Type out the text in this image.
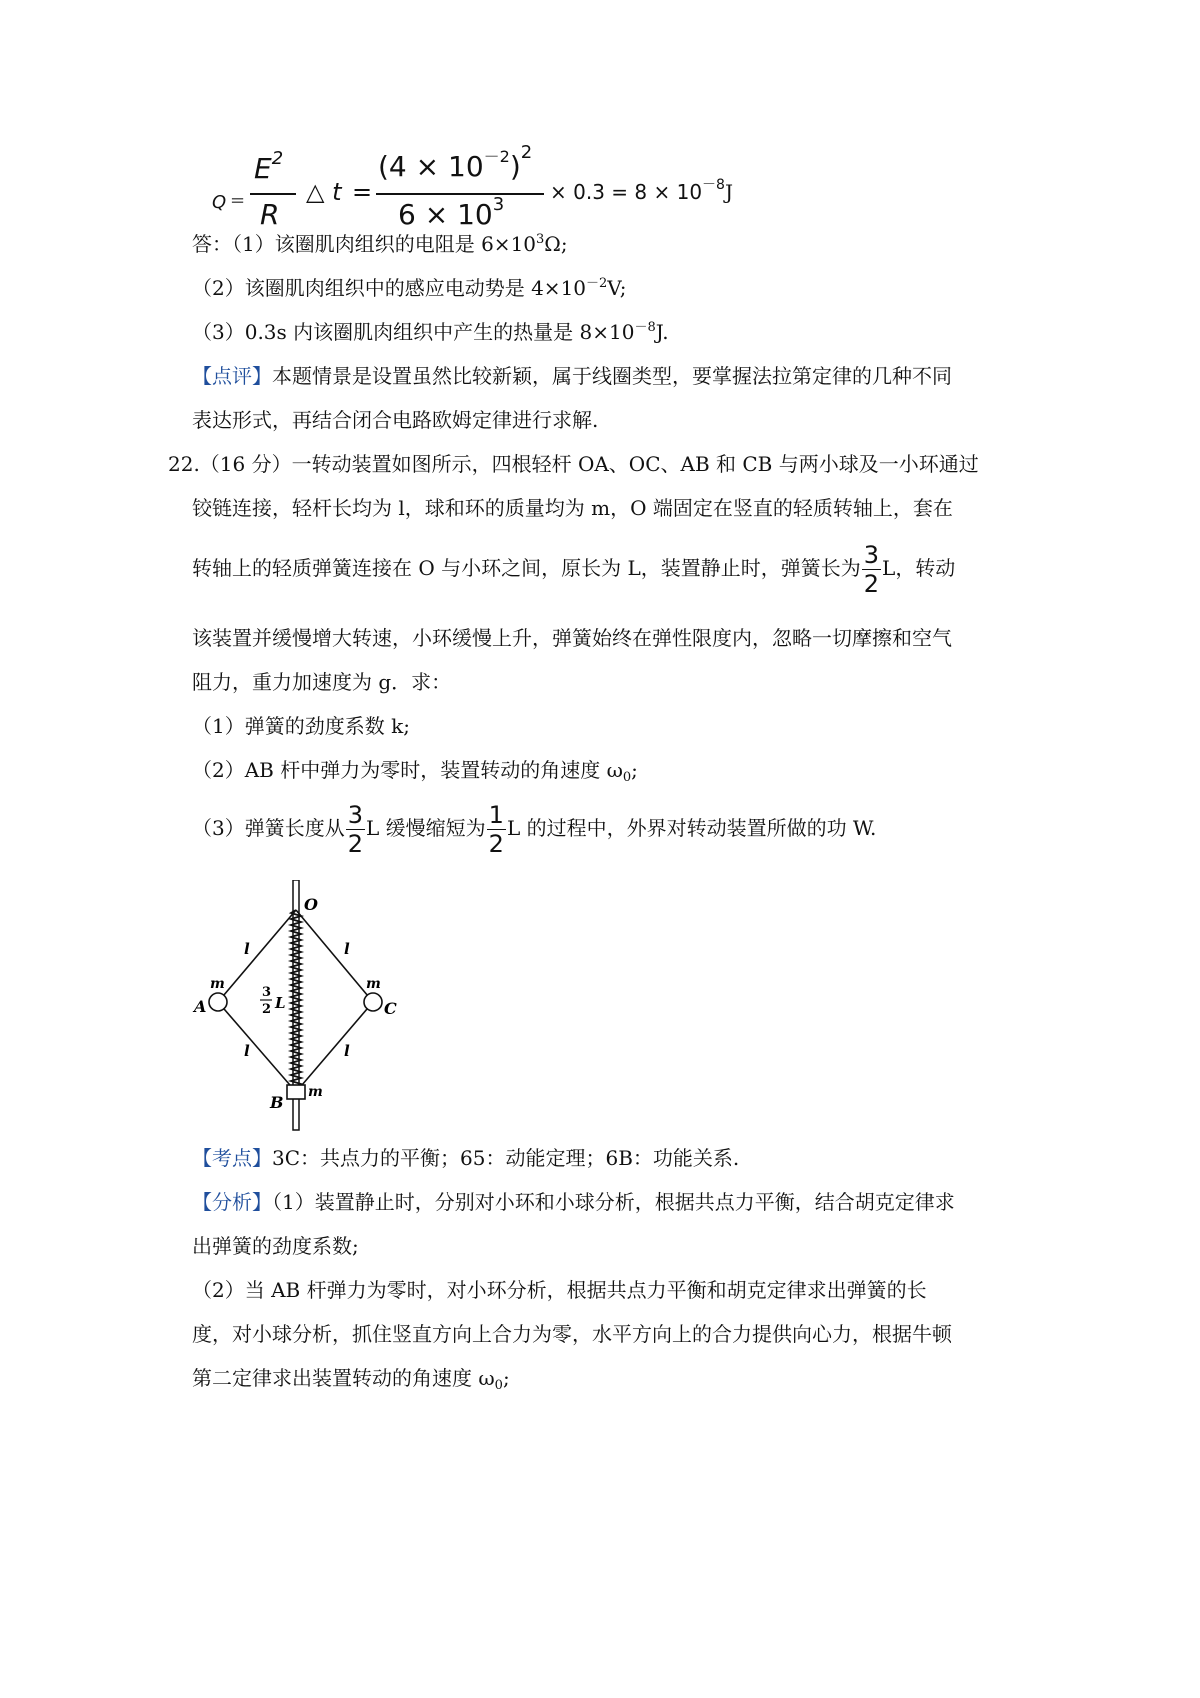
Q =
$E^2$
R
△ t =
$(4 \times 10^{-2})^2$
$6 \times 10^3$
× $0.3 = 8 \times 10^{-8}J$
答：（1）该圈肌肉组织的电阻是 $6\times 10^3\Omega$;
（2）该圈肌肉组织中的感应电动势是 $4\times 10^{-2}V$;
（3）0.3s 内该圈肌肉组织中产生的热量是 $8\times 10^{-8}J$.
【点评】本题情景是设置虽然比较新颖，属于线圈类型，要掌握法拉第定律的几种不同
表达形式，再结合闭合电路欧姆定律进行求解.
22.（16 分）一转动装置如图所示，四根轻杆 OA、OC、AB 和 CB 与两小球及一小环通过
铰链连接，轻杆长均为 l，球和环的质量均为 m，O 端固定在竖直的轻质转轴上，套在
转轴上的轻质弹簧连接在 O 与小环之间，原长为 L，装置静止时，弹簧长为 $\frac{3}{2}$ L，转动
该装置并缓慢增大转速，小环缓慢上升，弹簧始终在弹性限度内，忽略一切摩擦和空气
阻力，重力加速度为 g．求：
（1）弹簧的劲度系数 k;
（2）AB 杆中弹力为零时，装置转动的角速度 $\omega_0$;
（3）弹簧长度从 $\frac{3}{2}$ L 缓慢缩短为 $\frac{1}{2}$ L 的过程中，外界对转动装置所做的功 W.
O
l	l
m	m
A	C
3
2 L
l	l
B
m
【考点】3C：共点力的平衡；65：动能定理；6B：功能关系.
【分析】（1）装置静止时，分别对小环和小球分析，根据共点力平衡，结合胡克定律求
出弹簧的劲度系数;
（2）当 AB 杆弹力为零时，对小环分析，根据共点力平衡和胡克定律求出弹簧的长
度，对小球分析，抓住竖直方向上合力为零，水平方向上的合力提供向心力，根据牛顿
第二定律求出装置转动的角速度 $\omega_0$;
